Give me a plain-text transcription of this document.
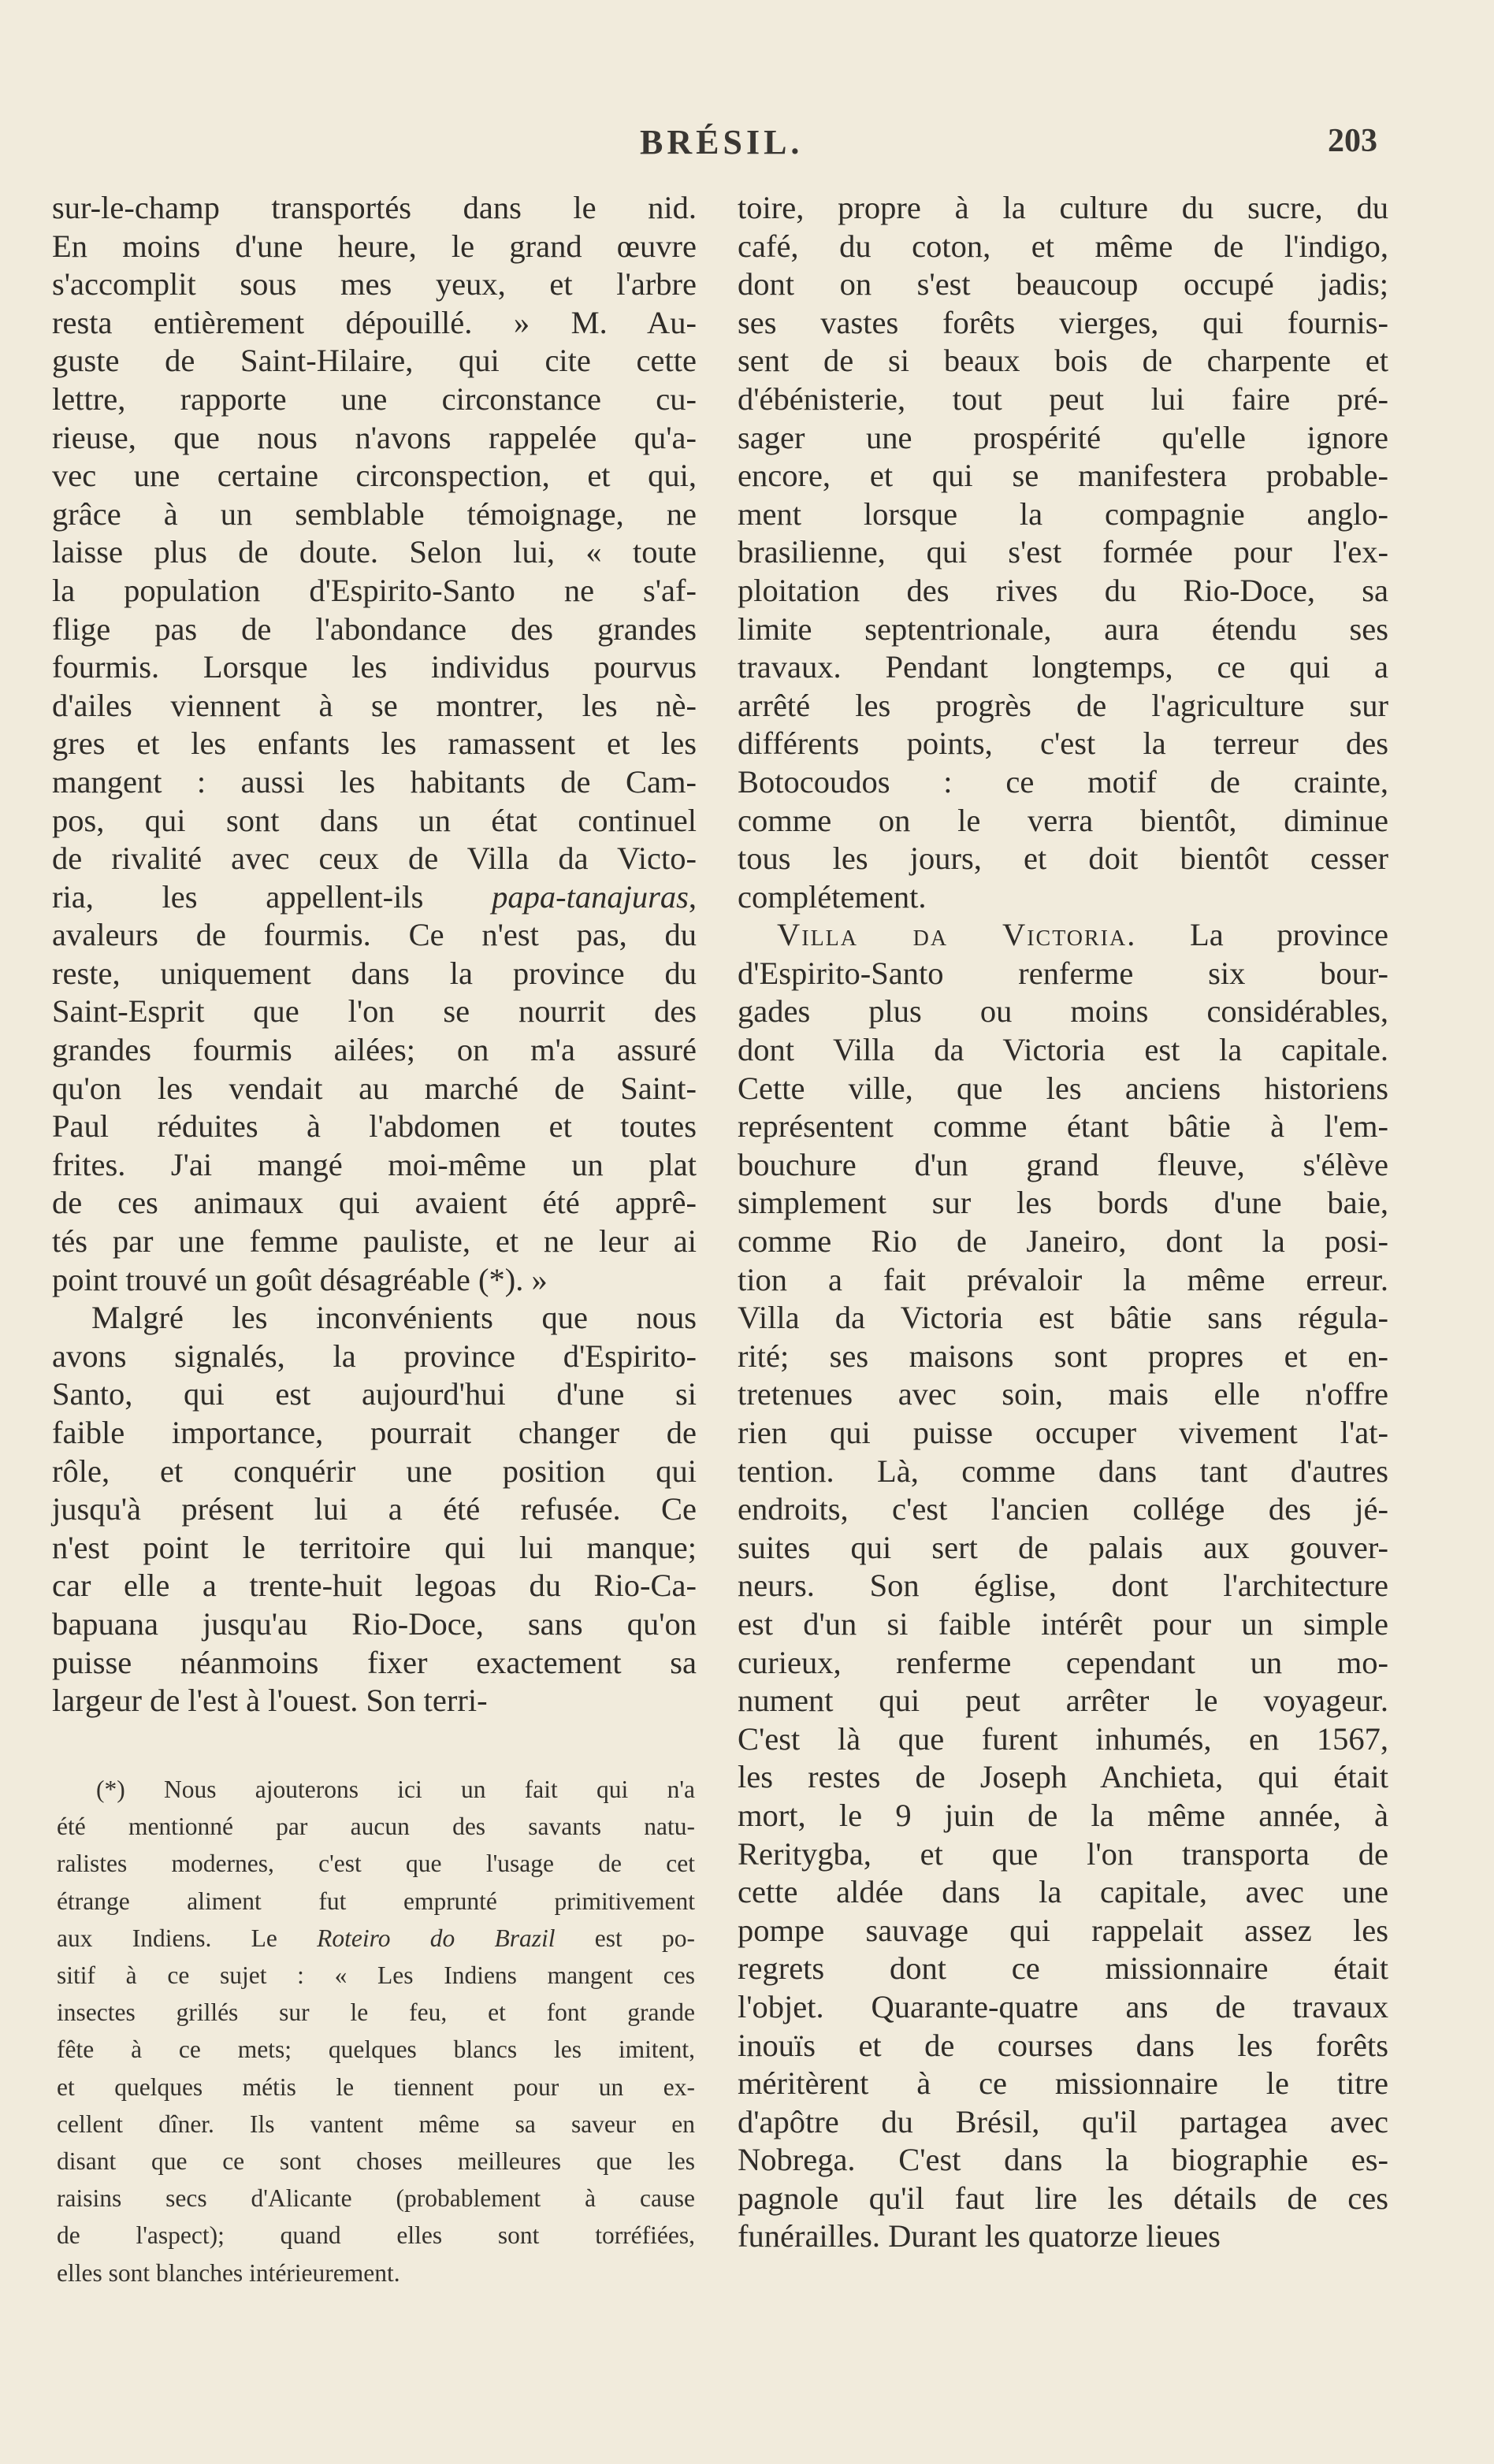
BRÉSIL.	203
sur-le-champ transportés dans le nid.
En moins d'une heure, le grand œuvre
s'accomplit sous mes yeux, et l'arbre
resta entièrement dépouillé. » M. Au-
guste de Saint-Hilaire, qui cite cette
lettre, rapporte une circonstance cu-
rieuse, que nous n'avons rappelée qu'a-
vec une certaine circonspection, et qui,
grâce à un semblable témoignage, ne
laisse plus de doute. Selon lui, « toute
la population d'Espirito-Santo ne s'af-
flige pas de l'abondance des grandes
fourmis. Lorsque les individus pourvus
d'ailes viennent à se montrer, les nè-
gres et les enfants les ramassent et les
mangent : aussi les habitants de Cam-
pos, qui sont dans un état continuel
de rivalité avec ceux de Villa da Victo-
ria, les appellent-ils papa-tanajuras,
avaleurs de fourmis. Ce n'est pas, du
reste, uniquement dans la province du
Saint-Esprit que l'on se nourrit des
grandes fourmis ailées; on m'a assuré
qu'on les vendait au marché de Saint-
Paul réduites à l'abdomen et toutes
frites. J'ai mangé moi-même un plat
de ces animaux qui avaient été apprê-
tés par une femme pauliste, et ne leur ai
point trouvé un goût désagréable (*). »
Malgré les inconvénients que nous
avons signalés, la province d'Espirito-
Santo, qui est aujourd'hui d'une si
faible importance, pourrait changer de
rôle, et conquérir une position qui
jusqu'à présent lui a été refusée. Ce
n'est point le territoire qui lui manque;
car elle a trente-huit legoas du Rio-Ca-
bapuana jusqu'au Rio-Doce, sans qu'on
puisse néanmoins fixer exactement sa
largeur de l'est à l'ouest. Son terri-
(*) Nous ajouterons ici un fait qui n'a
été mentionné par aucun des savants natu-
ralistes modernes, c'est que l'usage de cet
étrange aliment fut emprunté primitivement
aux Indiens. Le Roteiro do Brazil est po-
sitif à ce sujet : « Les Indiens mangent ces
insectes grillés sur le feu, et font grande
fête à ce mets; quelques blancs les imitent,
et quelques métis le tiennent pour un ex-
cellent dîner. Ils vantent même sa saveur en
disant que ce sont choses meilleures que les
raisins secs d'Alicante (probablement à cause
de l'aspect); quand elles sont torréfiées,
elles sont blanches intérieurement.
toire, propre à la culture du sucre, du
café, du coton, et même de l'indigo,
dont on s'est beaucoup occupé jadis;
ses vastes forêts vierges, qui fournis-
sent de si beaux bois de charpente et
d'ébénisterie, tout peut lui faire pré-
sager une prospérité qu'elle ignore
encore, et qui se manifestera probable-
ment lorsque la compagnie anglo-
brasilienne, qui s'est formée pour l'ex-
ploitation des rives du Rio-Doce, sa
limite septentrionale, aura étendu ses
travaux. Pendant longtemps, ce qui a
arrêté les progrès de l'agriculture sur
différents points, c'est la terreur des
Botocoudos : ce motif de crainte,
comme on le verra bientôt, diminue
tous les jours, et doit bientôt cesser
complétement.
Villa da Victoria. La province
d'Espirito-Santo renferme six bour-
gades plus ou moins considérables,
dont Villa da Victoria est la capitale.
Cette ville, que les anciens historiens
représentent comme étant bâtie à l'em-
bouchure d'un grand fleuve, s'élève
simplement sur les bords d'une baie,
comme Rio de Janeiro, dont la posi-
tion a fait prévaloir la même erreur.
Villa da Victoria est bâtie sans régula-
rité; ses maisons sont propres et en-
tretenues avec soin, mais elle n'offre
rien qui puisse occuper vivement l'at-
tention. Là, comme dans tant d'autres
endroits, c'est l'ancien collége des jé-
suites qui sert de palais aux gouver-
neurs. Son église, dont l'architecture
est d'un si faible intérêt pour un simple
curieux, renferme cependant un mo-
nument qui peut arrêter le voyageur.
C'est là que furent inhumés, en 1567,
les restes de Joseph Anchieta, qui était
mort, le 9 juin de la même année, à
Reritygba, et que l'on transporta de
cette aldée dans la capitale, avec une
pompe sauvage qui rappelait assez les
regrets dont ce missionnaire était
l'objet. Quarante-quatre ans de travaux
inouïs et de courses dans les forêts
méritèrent à ce missionnaire le titre
d'apôtre du Brésil, qu'il partagea avec
Nobrega. C'est dans la biographie es-
pagnole qu'il faut lire les détails de ces
funérailles. Durant les quatorze lieues
